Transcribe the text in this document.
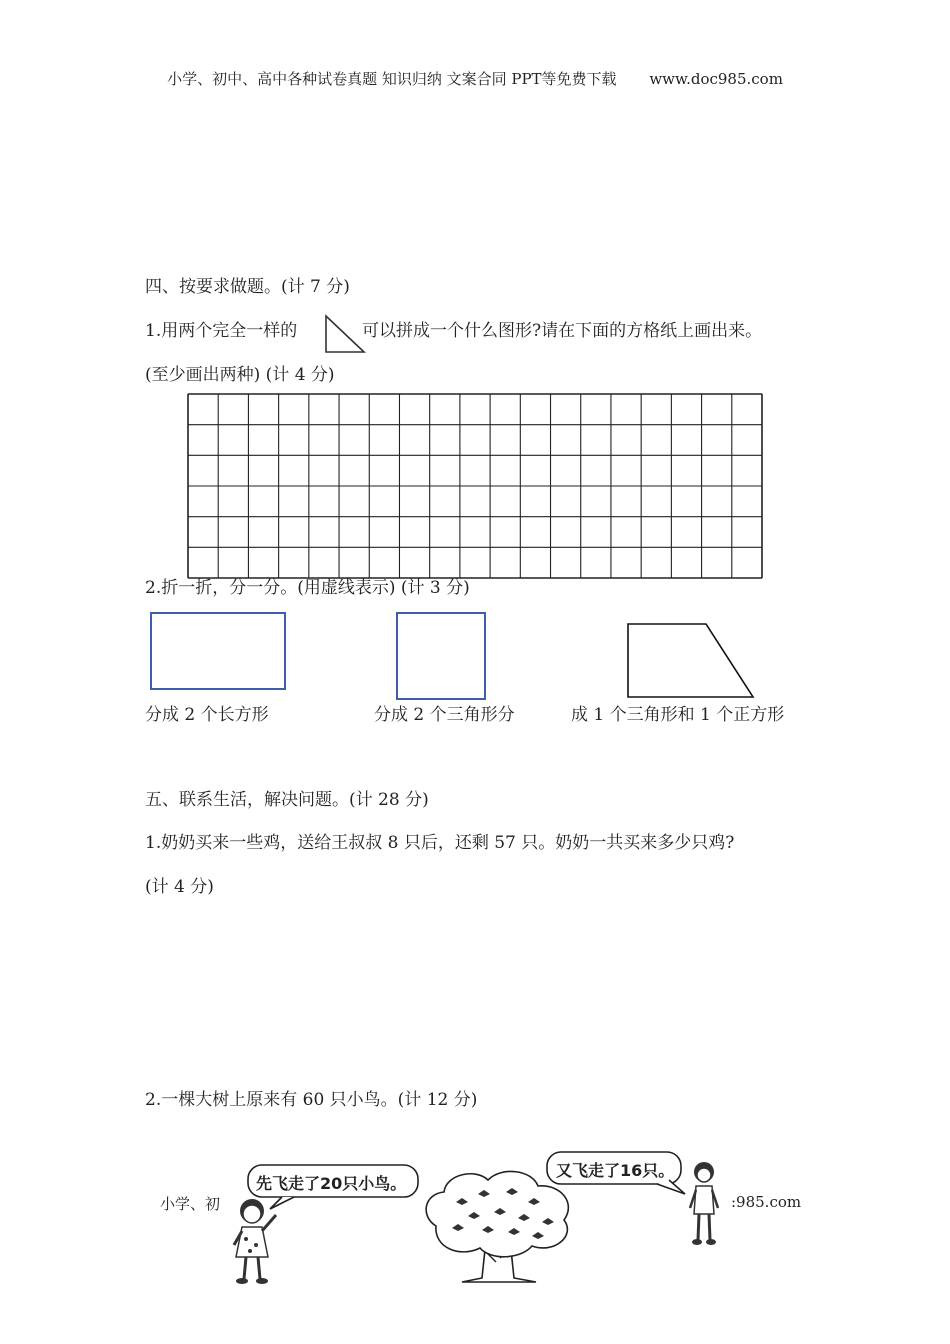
小学、初中、高中各种试卷真题 知识归纳 文案合同 PPT等免费下载 www.doc985.com
四、按要求做题。(计 7 分)
1.用两个完全一样的	可以拼成一个什么图形?请在下面的方格纸上画出来。
(至少画出两种) (计 4 分)
2.折一折，分一分。(用虚线表示) (计 3 分)
分成 2 个长方形	分成 2 个三角形分	成 1 个三角形和 1 个正方形
五、联系生活，解决问题。(计 28 分)
1.奶奶买来一些鸡，送给王叔叔 8 只后，还剩 57 只。奶奶一共买来多少只鸡?
(计 4 分)
2.一棵大树上原来有 60 只小鸟。(计 12 分)
小学、初	:985.com
先飞走了20只小鸟。
又飞走了16只。
